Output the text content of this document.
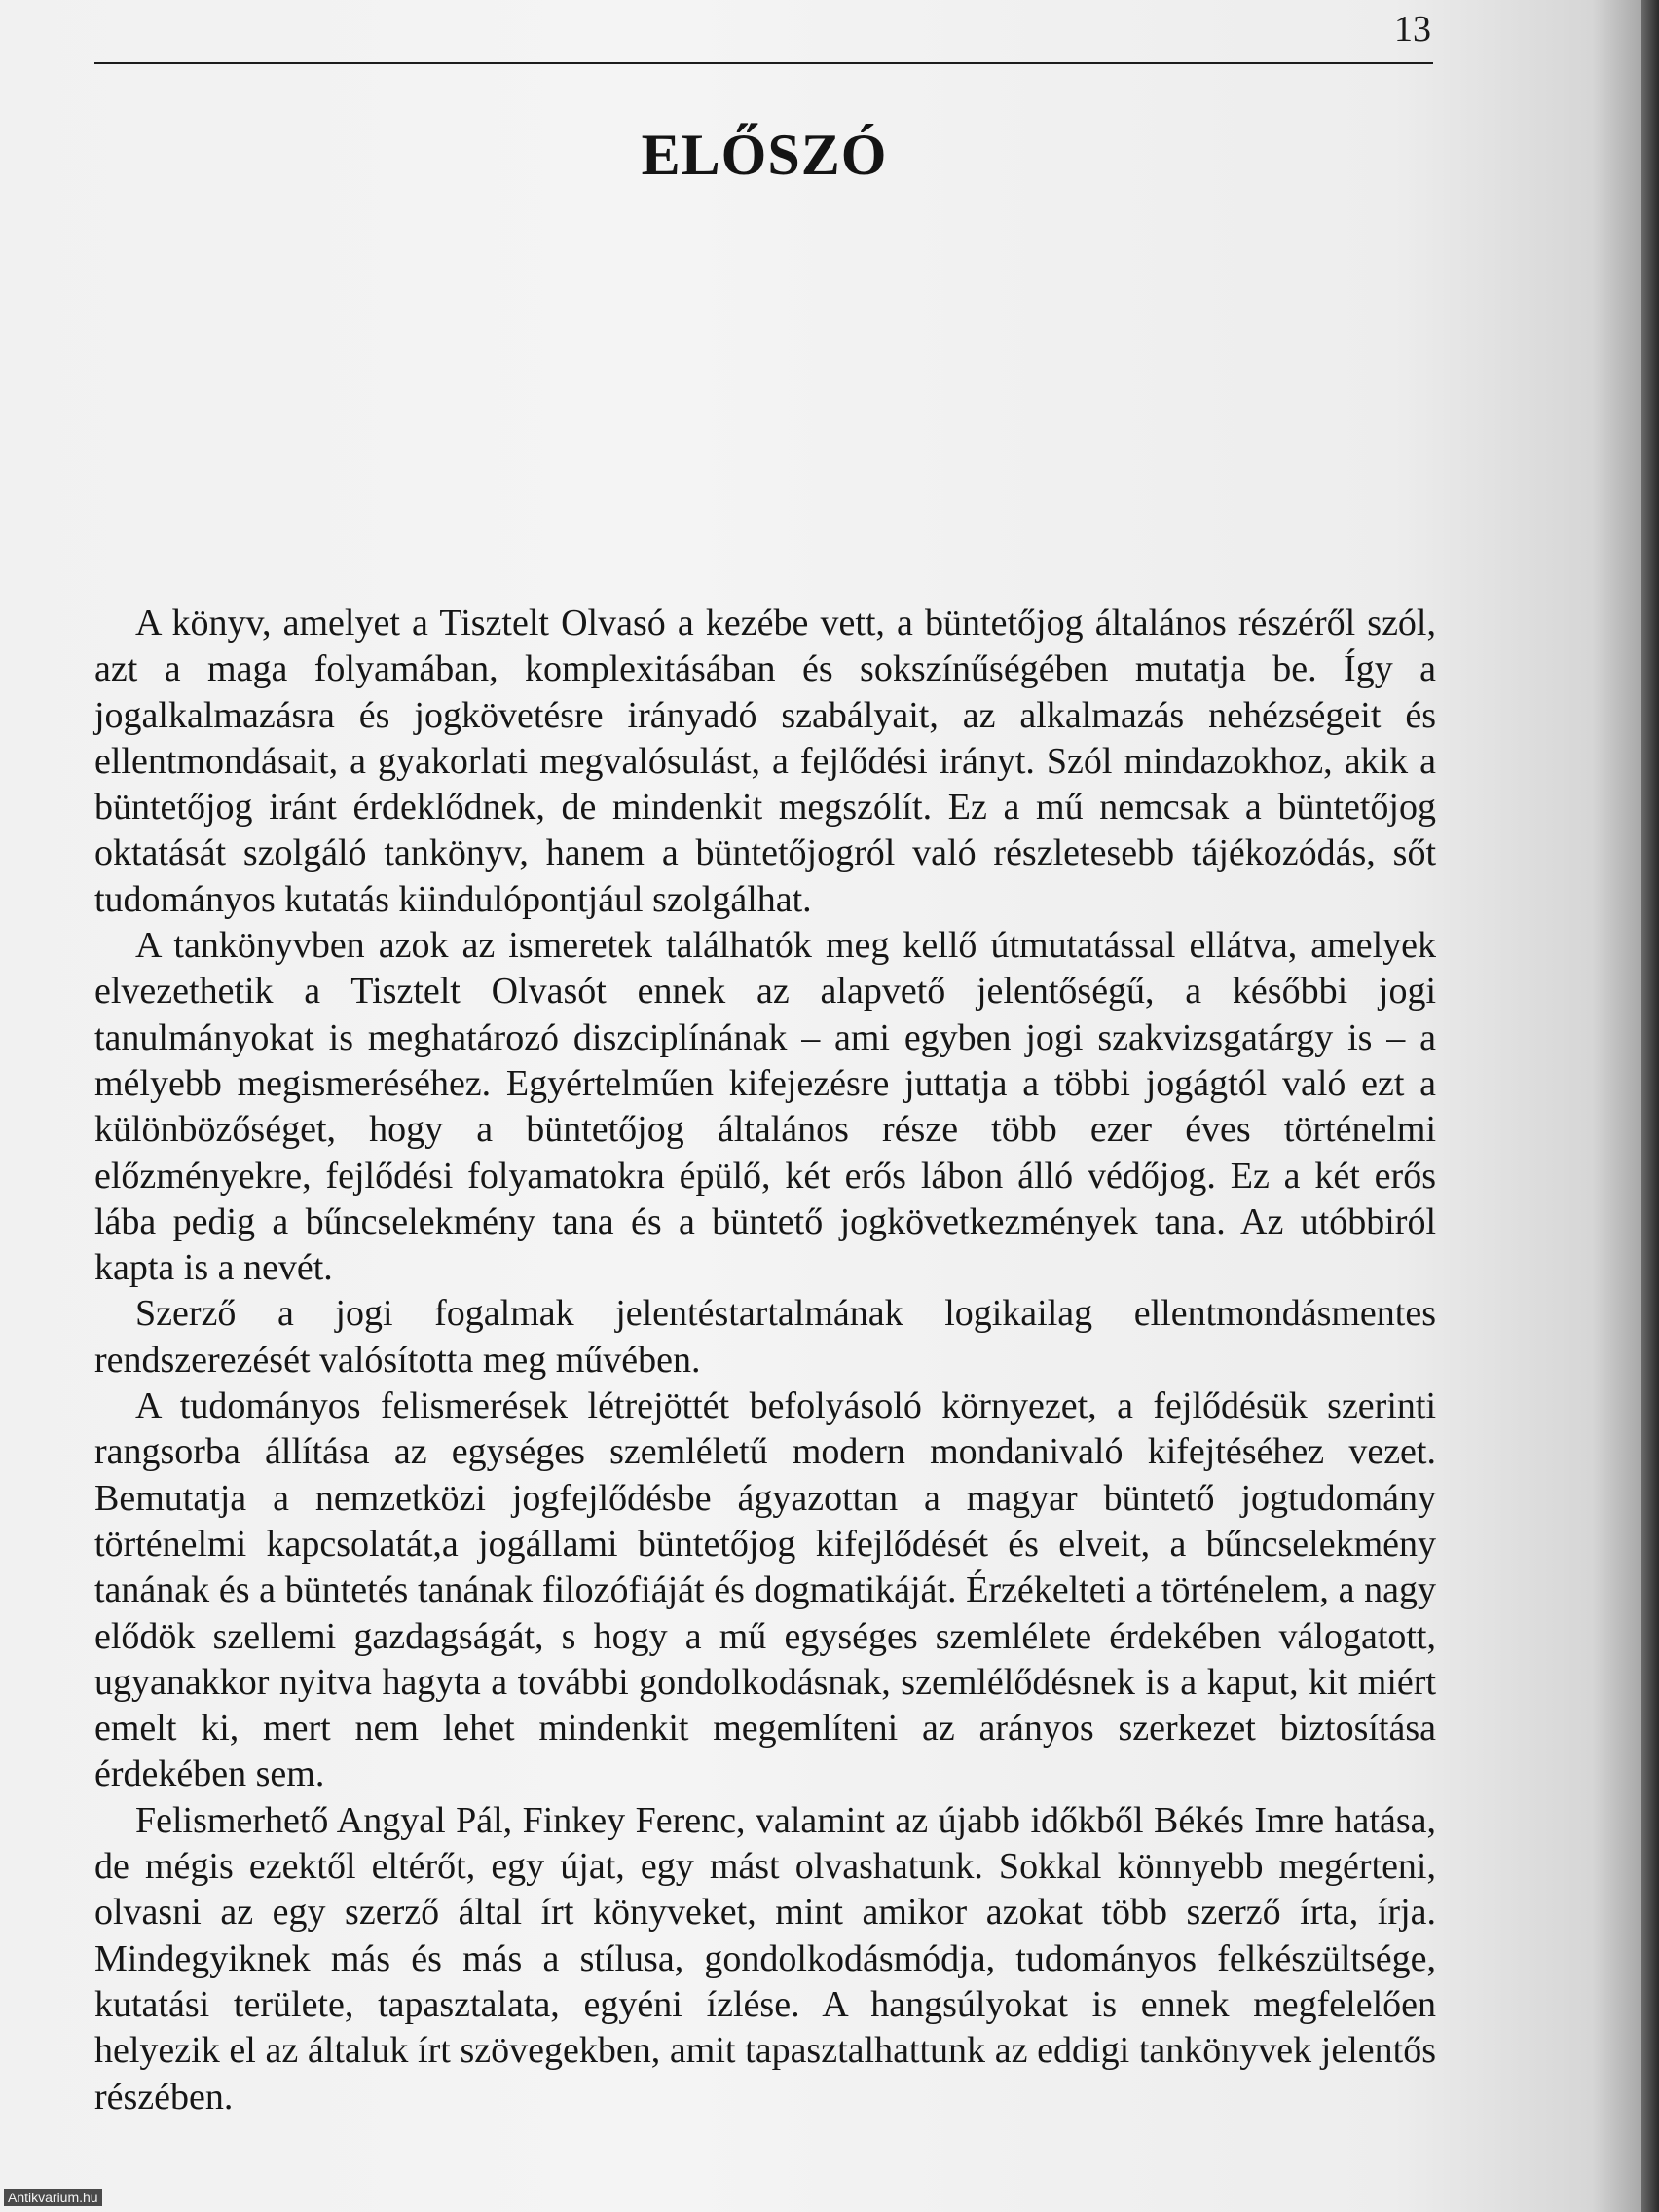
13
ELŐSZÓ

A könyv, amelyet a Tisztelt Olvasó a kezébe vett, a büntetőjog általános részéről szól, azt a maga folyamában, komplexitásában és sokszínűségében mutatja be. Így a jogalkalmazásra és jogkövetésre irányadó szabályait, az alkalmazás nehézségeit és ellentmondásait, a gyakorlati megvalósulást, a fejlődési irányt. Szól mindazokhoz, akik a büntetőjog iránt érdeklődnek, de mindenkit megszólít. Ez a mű nemcsak a büntetőjog oktatását szolgáló tankönyv, hanem a büntetőjogról való részletesebb tájékozódás, sőt tudományos kutatás kiindulópontjául szolgálhat.

A tankönyvben azok az ismeretek találhatók meg kellő útmutatással ellátva, amelyek elvezethetik a Tisztelt Olvasót ennek az alapvető jelentőségű, a későbbi jogi tanulmányokat is meghatározó diszciplínának – ami egyben jogi szakvizsgatárgy is – a mélyebb megismeréséhez. Egyértelműen kifejezésre juttatja a többi jogágtól való ezt a különbözőséget, hogy a büntetőjog általános része több ezer éves történelmi előzményekre, fejlődési folyamatokra épülő, két erős lábon álló védőjog. Ez a két erős lába pedig a bűncselekmény tana és a büntető jogkövetkezmények tana. Az utóbbiról kapta is a nevét.

Szerző a jogi fogalmak jelentéstartalmának logikailag ellentmondásmentes rendszerezését valósította meg művében.

A tudományos felismerések létrejöttét befolyásoló környezet, a fejlődésük szerinti rangsorba állítása az egységes szemléletű modern mondanivaló kifejtéséhez vezet. Bemutatja a nemzetközi jogfejlődésbe ágyazottan a magyar büntető jogtudomány történelmi kapcsolatát,a jogállami büntetőjog kifejlődését és elveit, a bűncselekmény tanának és a büntetés tanának filozófiáját és dogmatikáját. Érzékelteti a történelem, a nagy elődök szellemi gazdagságát, s hogy a mű egységes szemlélete érdekében válogatott, ugyanakkor nyitva hagyta a további gondolkodásnak, szemlélődésnek is a kaput, kit miért emelt ki, mert nem lehet mindenkit megemlíteni az arányos szerkezet biztosítása érdekében sem.

Felismerhető Angyal Pál, Finkey Ferenc, valamint az újabb időkből Békés Imre hatása, de mégis ezektől eltérőt, egy újat, egy mást olvashatunk. Sokkal könnyebb megérteni, olvasni az egy szerző által írt könyveket, mint amikor azokat több szerző írta, írja. Mindegyiknek más és más a stílusa, gondolkodásmódja, tudományos felkészültsége, kutatási területe, tapasztalata, egyéni ízlése. A hangsúlyokat is ennek megfelelően helyezik el az általuk írt szövegekben, amit tapasztalhattunk az eddigi tankönyvek jelentős részében.

Antikvarium.hu
